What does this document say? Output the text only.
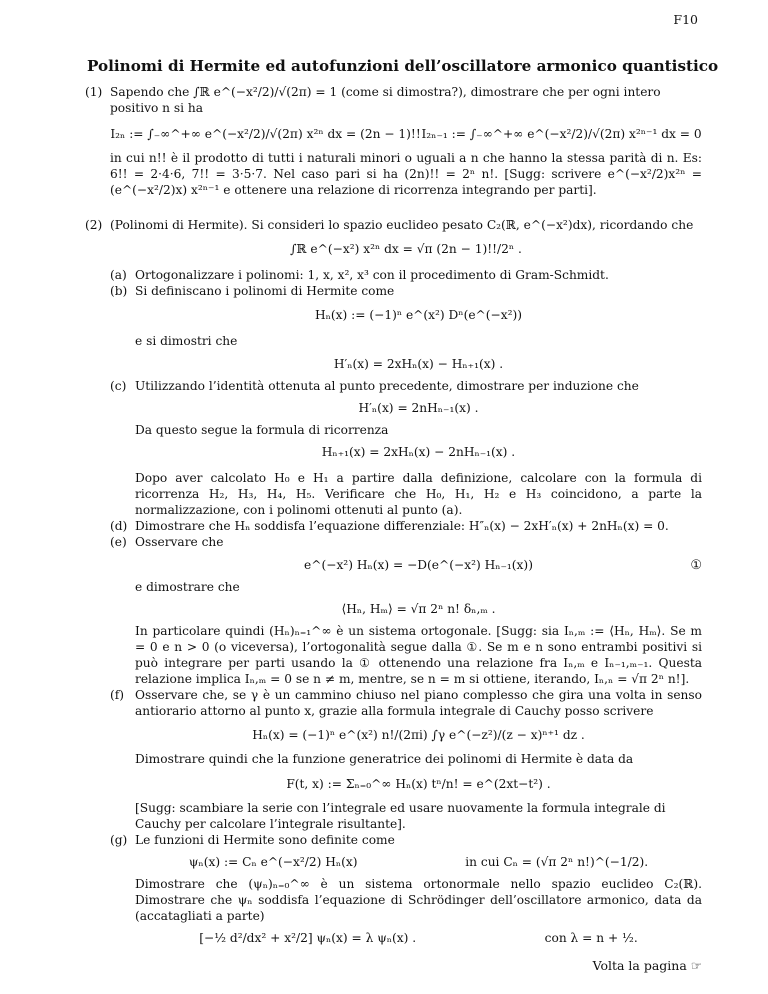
F10
Polinomi di Hermite ed autofunzioni dell’oscillatore armonico quantistico
(1) Sapendo che ∫ℝ e^(−x²/2)/√(2π) = 1 (come si dimostra?), dimostrare che per ogni intero positivo n si ha

I₂ₙ := ∫₋∞^+∞ e^(−x²/2)/√(2π) x²ⁿ dx = (2n − 1)!! I₂ₙ₋₁ := ∫₋∞^+∞ e^(−x²/2)/√(2π) x²ⁿ⁻¹ dx = 0

in cui n!! è il prodotto di tutti i naturali minori o uguali a n che hanno la stessa parità di n. Es: 6!! = 2·4·6, 7!! = 3·5·7. Nel caso pari si ha (2n)!! = 2ⁿ n!. [Sugg: scrivere e^(−x²/2)x²ⁿ = (e^(−x²/2)x) x²ⁿ⁻¹ e ottenere una relazione di ricorrenza integrando per parti].

(2) (Polinomi di Hermite). Si consideri lo spazio euclideo pesato C₂(ℝ, e^(−x²)dx), ricordando che

∫ℝ e^(−x²) x²ⁿ dx = √π (2n − 1)!!/2ⁿ .
(a) Ortogonalizzare i polinomi: 1, x, x², x³ con il procedimento di Gram-Schmidt.

(b) Si definiscano i polinomi di Hermite come

Hₙ(x) := (−1)ⁿ e^(x²) Dⁿ(e^(−x²))

e si dimostri che

H′ₙ(x) = 2xHₙ(x) − Hₙ₊₁(x) .
(c) Utilizzando l’identità ottenuta al punto precedente, dimostrare per induzione che

H′ₙ(x) = 2nHₙ₋₁(x) .

Da questo segue la formula di ricorrenza

Hₙ₊₁(x) = 2xHₙ(x) − 2nHₙ₋₁(x) .

Dopo aver calcolato H₀ e H₁ a partire dalla definizione, calcolare con la formula di ricorrenza H₂, H₃, H₄, H₅. Verificare che H₀, H₁, H₂ e H₃ coincidono, a parte la normalizzazione, con i polinomi ottenuti al punto (a).

(d) Dimostrare che Hₙ soddisfa l’equazione differenziale: H″ₙ(x) − 2xH′ₙ(x) + 2nHₙ(x) = 0.

(e) Osservare che

e^(−x²) Hₙ(x) = −D(e^(−x²) Hₙ₋₁(x))	①

e dimostrare che

⟨Hₙ, Hₘ⟩ = √π 2ⁿ n! δₙ,ₘ .

In particolare quindi (Hₙ)ₙ₌₁^∞ è un sistema ortogonale. [Sugg: sia Iₙ,ₘ := ⟨Hₙ, Hₘ⟩. Se m = 0 e n > 0 (o viceversa), l’ortogonalità segue dalla ①. Se m e n sono entrambi positivi si può integrare per parti usando la ① ottenendo una relazione fra Iₙ,ₘ e Iₙ₋₁,ₘ₋₁. Questa relazione implica Iₙ,ₘ = 0 se n ≠ m, mentre, se n = m si ottiene, iterando, Iₙ,ₙ = √π 2ⁿ n!].

(f) Osservare che, se γ è un cammino chiuso nel piano complesso che gira una volta in senso antiorario attorno al punto x, grazie alla formula integrale di Cauchy posso scrivere

Hₙ(x) = (−1)ⁿ e^(x²) n!/(2πi) ∫γ e^(−z²)/(z − x)ⁿ⁺¹ dz .

Dimostrare quindi che la funzione generatrice dei polinomi di Hermite è data da

F(t, x) := Σₙ₌₀^∞ Hₙ(x) tⁿ/n! = e^(2xt−t²) .

[Sugg: scambiare la serie con l’integrale ed usare nuovamente la formula integrale di Cauchy per calcolare l’integrale risultante].

(g) Le funzioni di Hermite sono definite come

ψₙ(x) := Cₙ e^(−x²/2) Hₙ(x)	in cui Cₙ = (√π 2ⁿ n!)^(−1/2).

Dimostrare che (ψₙ)ₙ₌₀^∞ è un sistema ortonormale nello spazio euclideo C₂(ℝ). Dimostrare che ψₙ soddisfa l’equazione di Schrödinger dell’oscillatore armonico, data da (accatagliati a parte)

[−½ d²/dx² + x²/2] ψₙ(x) = λ ψₙ(x) .	con λ = n + ½.
Volta la pagina ☞
